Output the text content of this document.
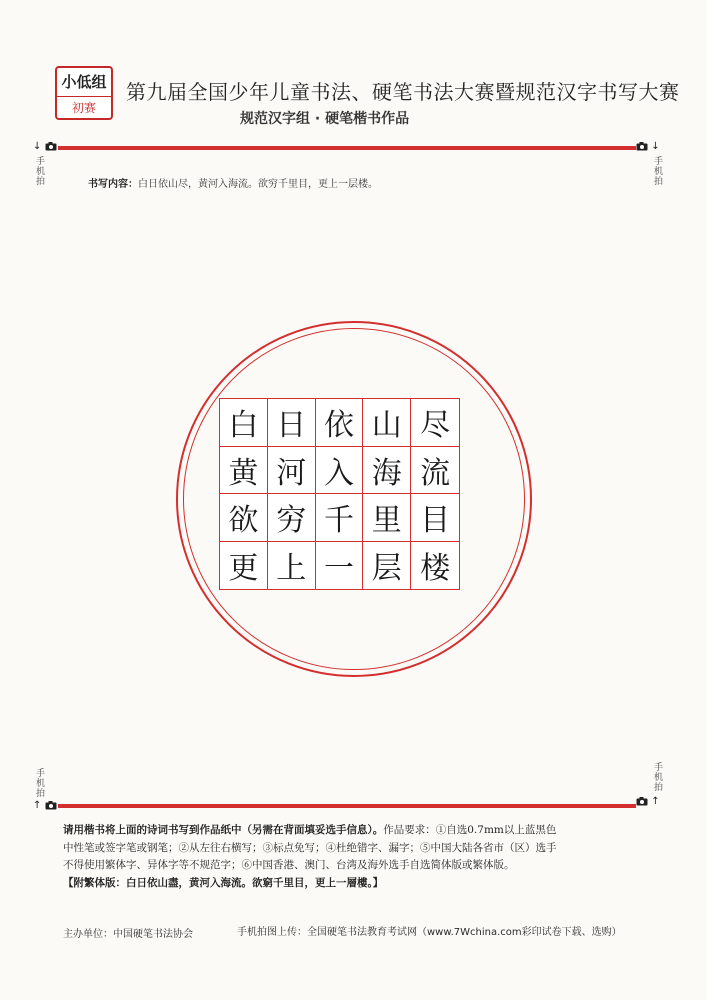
小低组
初赛
第九届全国少年儿童书法、硬笔书法大赛暨规范汉字书写大赛
规范汉字组 · 硬笔楷书作品
↓
手机拍
↓
手机拍
书写内容：白日依山尽，黄河入海流。欲穷千里目，更上一层楼。
白 日 依 山 尽
黄 河 入 海 流
欲 穷 千 里 目
更 上 一 层 楼
手机拍
↑
手机拍
↑
请用楷书将上面的诗词书写到作品纸中（另需在背面填妥选手信息）。作品要求：①自选0.7mm以上蓝黑色
中性笔或签字笔或钢笔；②从左往右横写；③标点免写；④杜绝错字、漏字；⑤中国大陆各省市（区）选手
不得使用繁体字、异体字等不规范字；⑥中国香港、澳门、台湾及海外选手自选简体版或繁体版。
【附繁体版：白日依山盡，黄河入海流。欲窮千里目，更上一層樓。】
主办单位：中国硬笔书法协会	手机拍图上传：全国硬笔书法教育考试网（www.7Wchina.com彩印试卷下载、选购）
